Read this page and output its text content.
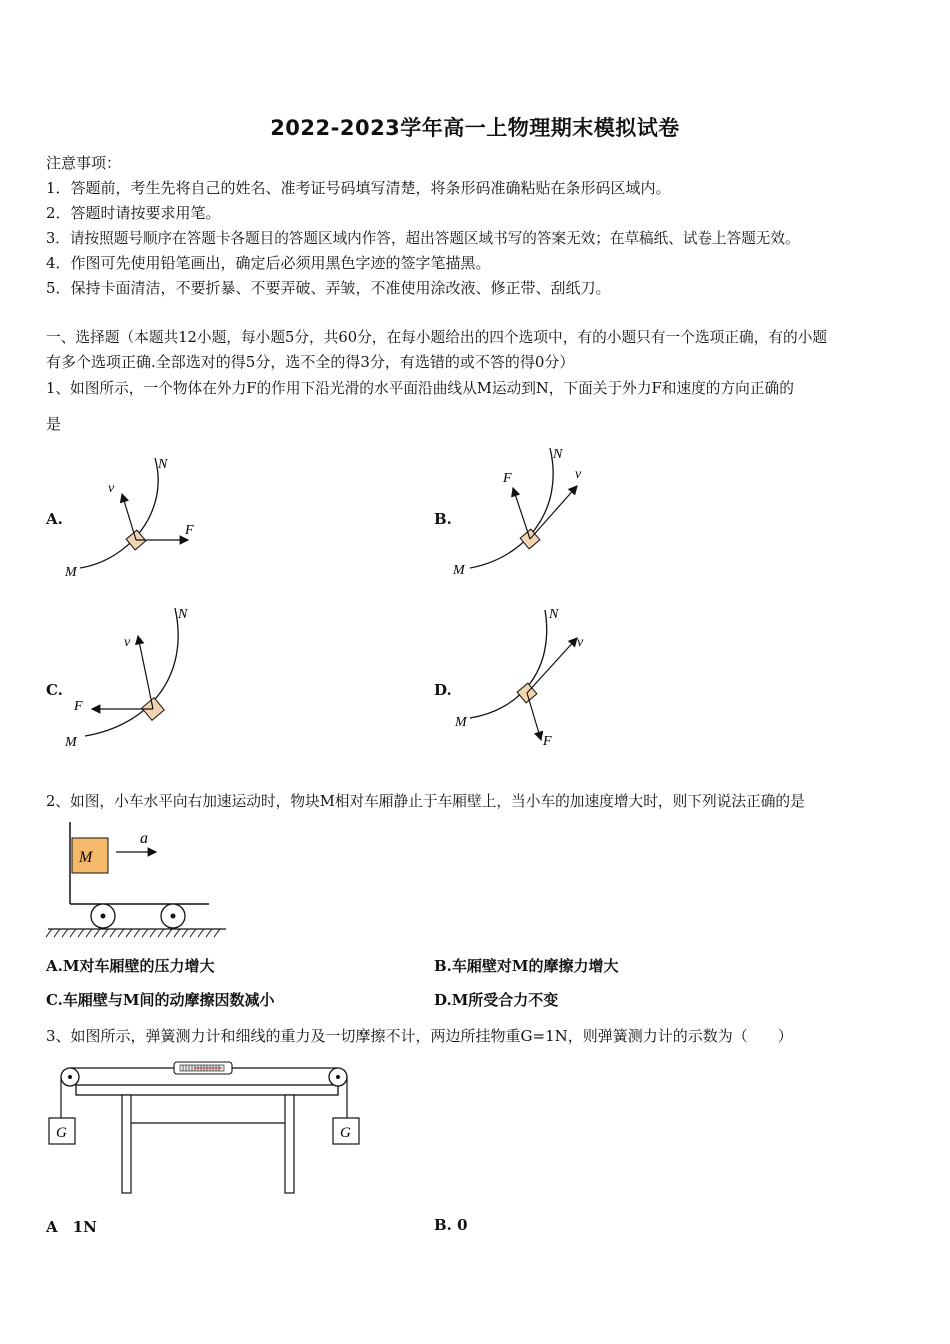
2022-2023学年高一上物理期末模拟试卷
注意事项：
1．答题前，考生先将自己的姓名、准考证号码填写清楚，将条形码准确粘贴在条形码区域内。
2．答题时请按要求用笔。
3．请按照题号顺序在答题卡各题目的答题区域内作答，超出答题区域书写的答案无效；在草稿纸、试卷上答题无效。
4．作图可先使用铅笔画出，确定后必须用黑色字迹的签字笔描黑。
5．保持卡面清洁，不要折暴、不要弄破、弄皱，不准使用涂改液、修正带、刮纸刀。
一、选择题（本题共12小题，每小题5分，共60分，在每小题给出的四个选项中，有的小题只有一个选项正确，有的小题
有多个选项正确.全部选对的得5分，选不全的得3分，有选错的或不答的得0分）
1、如图所示，一个物体在外力F的作用下沿光滑的水平面沿曲线从M运动到N，下面关于外力F和速度的方向正确的
是
A.	B.
C.	D.
M
N
v
F
M
N
F	v
M
N
v
F
M
N
v
F
2、如图，小车水平向右加速运动时，物块M相对车厢静止于车厢壁上，当小车的加速度增大时，则下列说法正确的是
M
a
A.M对车厢壁的压力增大	B.车厢壁对M的摩擦力增大
C.车厢壁与M间的动摩擦因数减小	D.M所受合力不变
3、如图所示，弹簧测力计和细线的重力及一切摩擦不计，两边所挂物重G=1N，则弹簧测力计的示数为（　　）
G	G
A　1N	B. 0
